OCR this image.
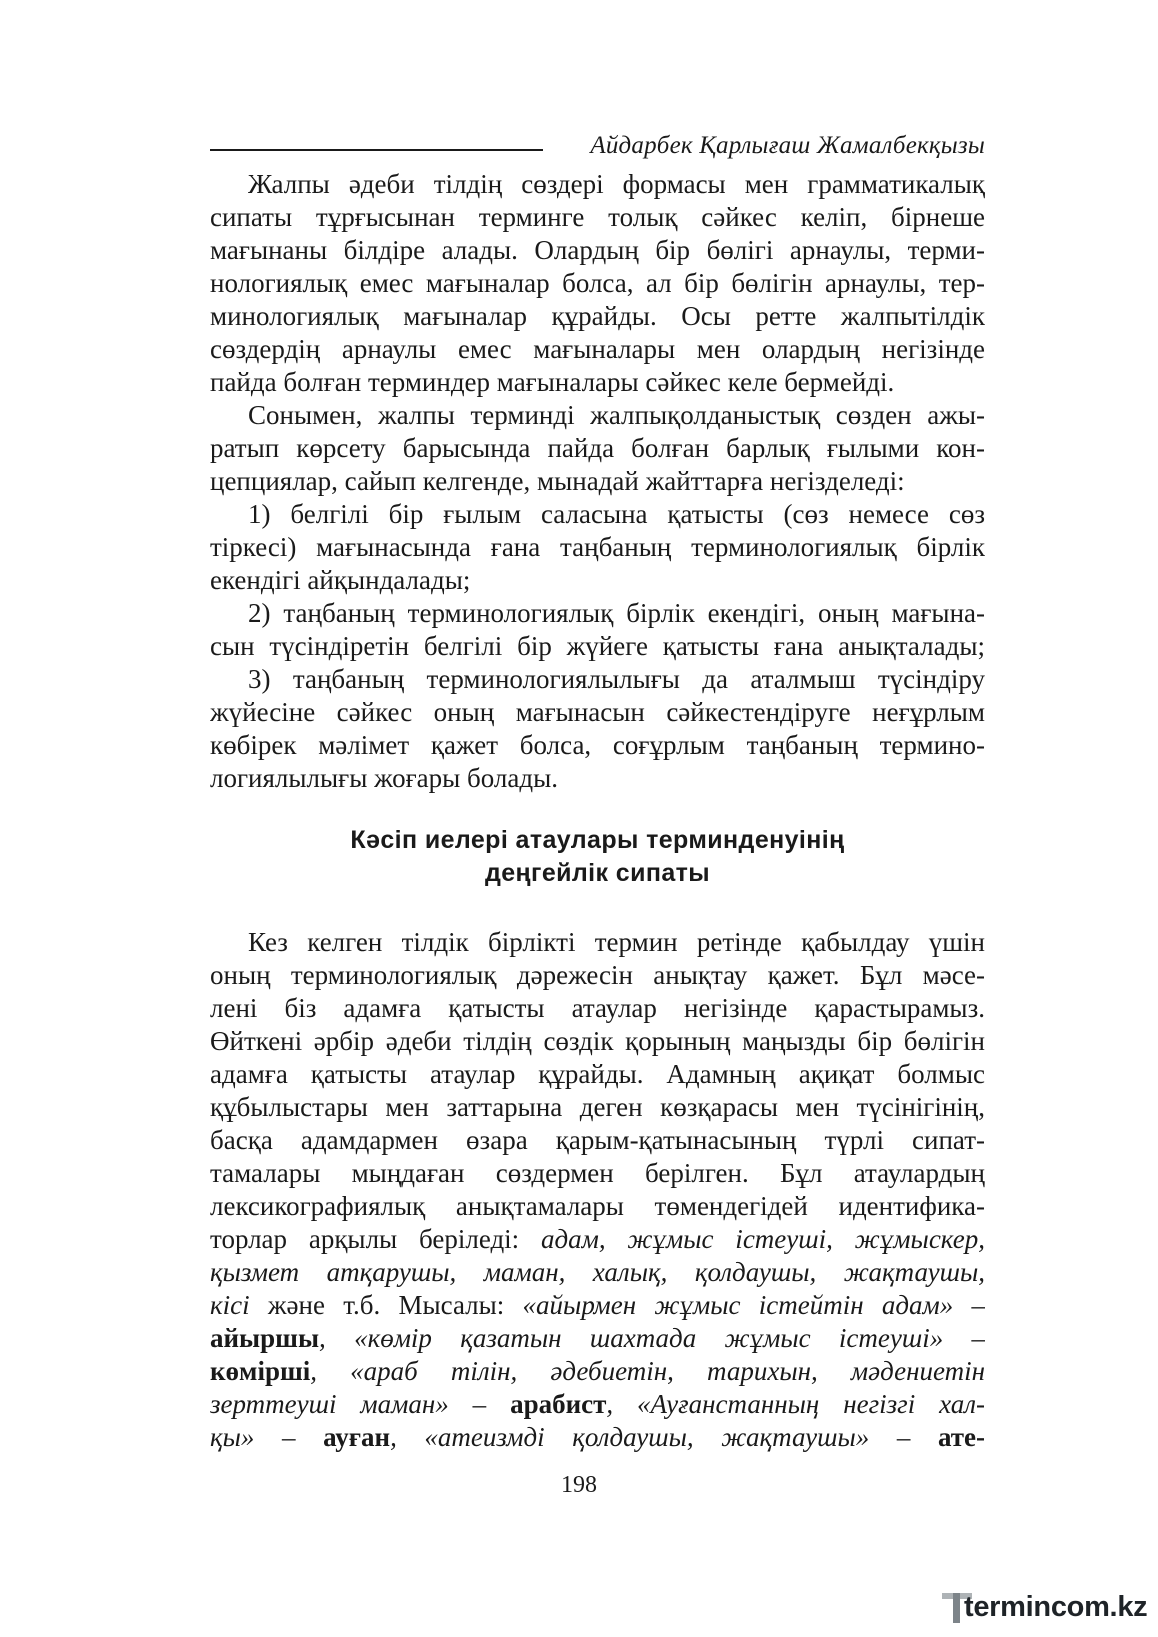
Айдарбек Қарлығаш Жамалбекқызы
Жалпы әдеби тілдің сөздері формасы мен грамматикалық
сипаты тұрғысынан терминге толық сәйкес келіп, бірнеше
мағынаны білдіре алады. Олардың бір бөлігі арнаулы, терми-
нологиялық емес мағыналар болса, ал бір бөлігін арнаулы, тер-
минологиялық мағыналар құрайды. Осы ретте жалпытілдік
сөздердің арнаулы емес мағыналары мен олардың негізінде
пайда болған терминдер мағыналары сәйкес келе бермейді.
Сонымен, жалпы терминді жалпықолданыстық сөзден ажы-
ратып көрсету барысында пайда болған барлық ғылыми кон-
цепциялар, сайып келгенде, мынадай жайттарға негізделеді:
1) белгілі бір ғылым саласына қатысты (сөз немесе сөз
тіркесі) мағынасында ғана таңбаның терминологиялық бірлік
екендігі айқындалады;
2) таңбаның терминологиялық бірлік екендігі, оның мағына-
сын түсіндіретін белгілі бір жүйеге қатысты ғана анықталады;
3) таңбаның терминологиялылығы да аталмыш түсіндіру
жүйесіне сәйкес оның мағынасын сәйкестендіруге неғұрлым
көбірек мәлімет қажет болса, соғұрлым таңбаның термино-
логиялылығы жоғары болады.
Кәсіп иелері атаулары терминденуінің
деңгейлік сипаты
Кез келген тілдік бірлікті термин ретінде қабылдау үшін
оның терминологиялық дәрежесін анықтау қажет. Бұл мәсе-
лені біз адамға қатысты атаулар негізінде қарастырамыз.
Өйткені әрбір әдеби тілдің сөздік қорының маңызды бір бөлігін
адамға қатысты атаулар құрайды. Адамның ақиқат болмыс
құбылыстары мен заттарына деген көзқарасы мен түсінігінің,
басқа адамдармен өзара қарым-қатынасының түрлі сипат-
тамалары мыңдаған сөздермен берілген. Бұл атаулардың
лексикографиялық анықтамалары төмендегідей идентифика-
торлар арқылы беріледі: адам, жұмыс істеуші, жұмыскер,
қызмет атқарушы, маман, халық, қолдаушы, жақтаушы,
кісі және т.б. Мысалы: «айырмен жұмыс істейтін адам» –
айыршы, «көмір қазатын шахтада жұмыс істеуші» –
көмірші, «араб тілін, әдебиетін, тарихын, мәдениетін
зерттеуші маман» – арабист, «Ауғанстанның негізгі хал-
қы» – ауған, «атеизмді қолдаушы, жақтаушы» – ате-
198
termincom.kz
